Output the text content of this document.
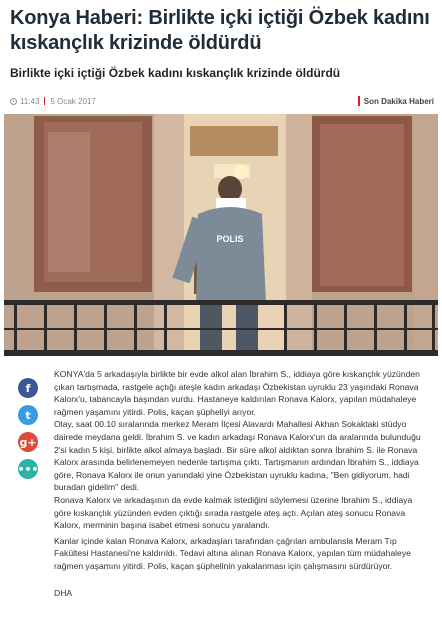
Konya Haberi: Birlikte içki içtiği Özbek kadını kıskançlık krizinde öldürdü
Birlikte içki içtiği Özbek kadını kıskançlık krizinde öldürdü
11:43 5 Ocak 2017	Son Dakika Haberi
POLIS
f
t
g+
•••

KONYA'da 5 arkadaşıyla birlikte bir evde alkol alan İbrahim S., iddiaya göre kıskançlık yüzünden çıkan tartışmada, rastgele açtığı ateşle kadın arkadaşı Özbekistan uyruklu 23 yaşındaki Ronava Kalorx'u, tabancayla başından vurdu. Hastaneye kaldırılan Ronava Kalorx, yapılan müdahaleye rağmen yaşamını yitirdi. Polis, kaçan şüpheliyi arıyor.

Olay, saat 00.10 sıralarında merkez Meram İlçesi Alavardı Mahallesi Akhan Sokaktaki stüdyo dairede meydana geldi. İbrahim S. ve kadın arkadaşı Ronava Kalorx'un da aralarında bulunduğu 2'si kadın 5 kişi, birlikte alkol almaya başladı. Bir süre alkol aldıktan sonra İbrahim S. ile Ronava Kalorx arasında belirlenemeyen nedenle tartışma çıktı. Tartışmanın ardından İbrahim S., iddiaya göre, Ronava Kalorx ile onun yanındaki yine Özbekistan uyruklu kadına, "Ben gidiyorum, hadi buradan gidelim" dedi.

Ronava Kalorx ve arkadaşının da evde kalmak istediğini söylemesi üzerine İbrahim S., iddiaya göre kıskançlık yüzünden evden çıktığı sırada rastgele ateş açtı. Açılan ateş sonucu Ronava Kalorx, merminin başına isabet etmesi sonucu yaralandı.

Kanlar içinde kalan Ronava Kalorx, arkadaşları tarafından çağrılan ambulansla Meram Tıp Fakültesi Hastanesi'ne kaldırıldı. Tedavi altına alınan Ronava Kalorx, yapılan tüm müdahaleye rağmen yaşamını yitirdi. Polis, kaçan şüphelinin yakalanması için çalışmasını sürdürüyor.

DHA
